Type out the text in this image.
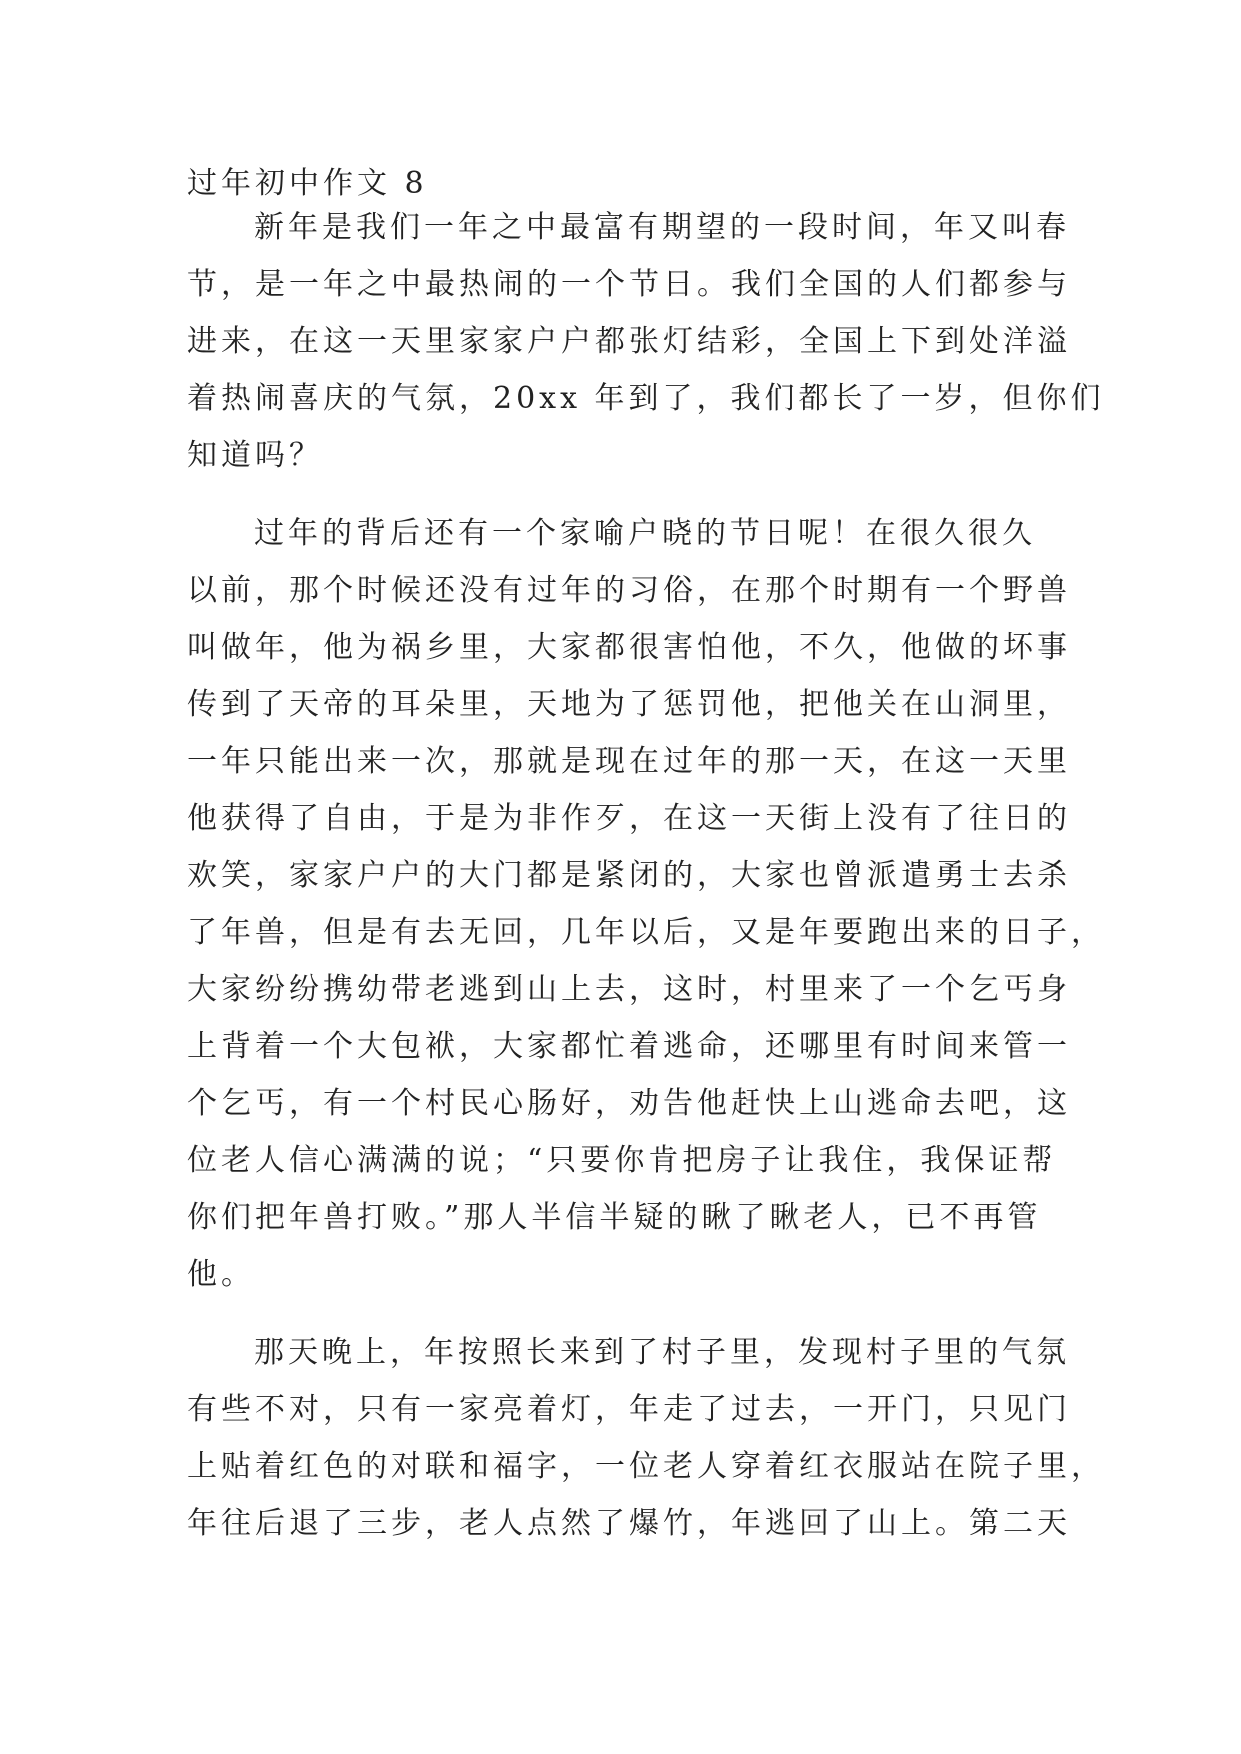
过年初中作文 8

新年是我们一年之中最富有期望的一段时间，年又叫春

节，是一年之中最热闹的一个节日。我们全国的人们都参与

进来，在这一天里家家户户都张灯结彩，全国上下到处洋溢

着热闹喜庆的气氛，20xx 年到了，我们都长了一岁，但你们

知道吗？

过年的背后还有一个家喻户晓的节日呢！在很久很久

以前，那个时候还没有过年的习俗，在那个时期有一个野兽

叫做年，他为祸乡里，大家都很害怕他，不久，他做的坏事

传到了天帝的耳朵里，天地为了惩罚他，把他关在山洞里，

一年只能出来一次，那就是现在过年的那一天，在这一天里

他获得了自由，于是为非作歹，在这一天街上没有了往日的

欢笑，家家户户的大门都是紧闭的，大家也曾派遣勇士去杀

了年兽，但是有去无回，几年以后，又是年要跑出来的日子，

大家纷纷携幼带老逃到山上去，这时，村里来了一个乞丐身

上背着一个大包袱，大家都忙着逃命，还哪里有时间来管一

个乞丐，有一个村民心肠好，劝告他赶快上山逃命去吧，这

位老人信心满满的说；“只要你肯把房子让我住，我保证帮

你们把年兽打败。”那人半信半疑的瞅了瞅老人，已不再管

他。

那天晚上，年按照长来到了村子里，发现村子里的气氛

有些不对，只有一家亮着灯，年走了过去，一开门，只见门

上贴着红色的对联和福字，一位老人穿着红衣服站在院子里，

年往后退了三步，老人点然了爆竹，年逃回了山上。第二天
